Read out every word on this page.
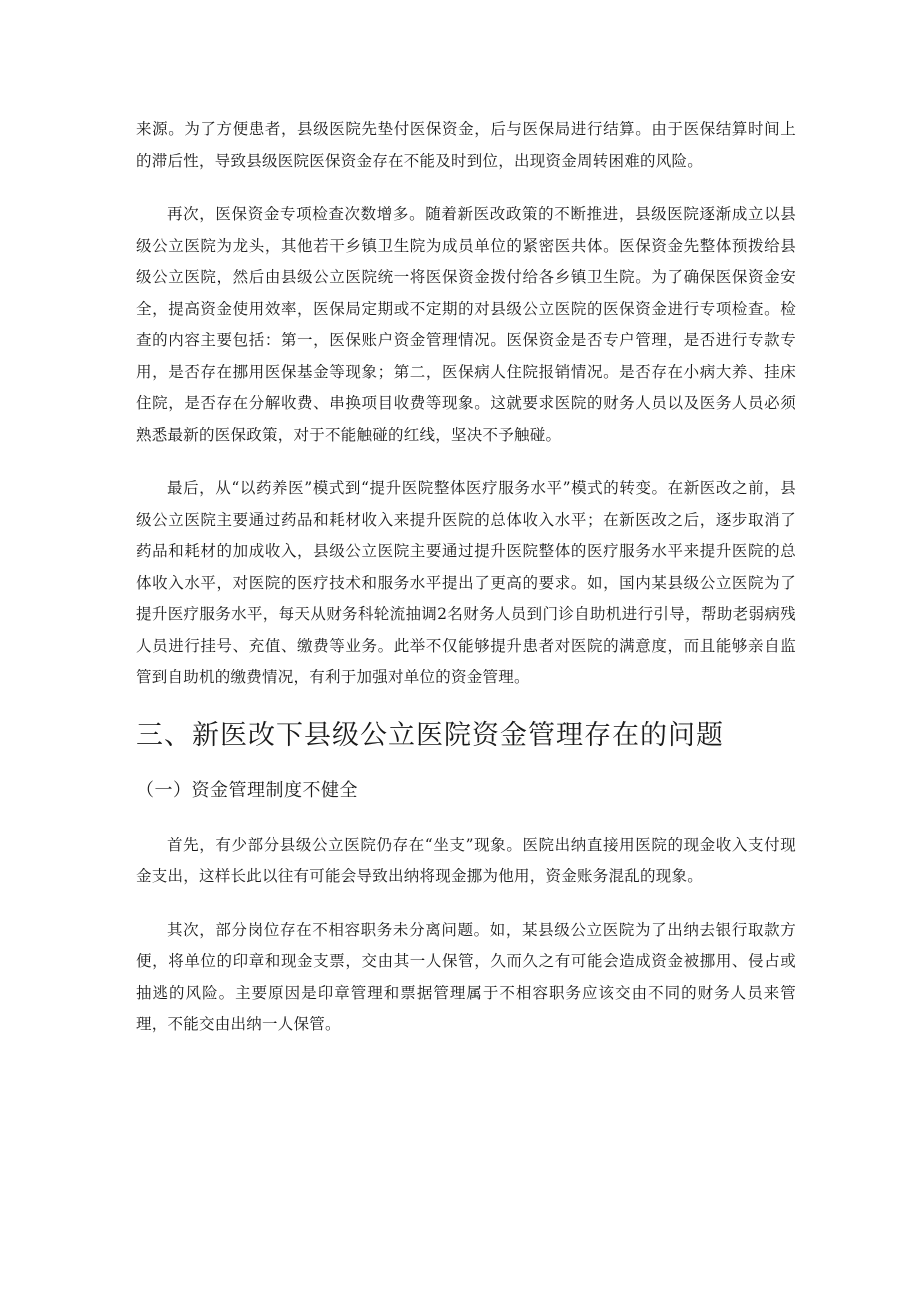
来源。为了方便患者，县级医院先垫付医保资金，后与医保局进行结算。由于医保结算时间上的滞后性，导致县级医院医保资金存在不能及时到位，出现资金周转困难的风险。

再次，医保资金专项检查次数增多。随着新医改政策的不断推进，县级医院逐渐成立以县级公立医院为龙头，其他若干乡镇卫生院为成员单位的紧密医共体。医保资金先整体预拨给县级公立医院，然后由县级公立医院统一将医保资金拨付给各乡镇卫生院。为了确保医保资金安全，提高资金使用效率，医保局定期或不定期的对县级公立医院的医保资金进行专项检查。检查的内容主要包括：第一，医保账户资金管理情况。医保资金是否专户管理，是否进行专款专用，是否存在挪用医保基金等现象；第二，医保病人住院报销情况。是否存在小病大养、挂床住院，是否存在分解收费、串换项目收费等现象。这就要求医院的财务人员以及医务人员必须熟悉最新的医保政策，对于不能触碰的红线，坚决不予触碰。

最后，从“以药养医”模式到“提升医院整体医疗服务水平”模式的转变。在新医改之前，县级公立医院主要通过药品和耗材收入来提升医院的总体收入水平；在新医改之后，逐步取消了药品和耗材的加成收入，县级公立医院主要通过提升医院整体的医疗服务水平来提升医院的总体收入水平，对医院的医疗技术和服务水平提出了更高的要求。如，国内某县级公立医院为了提升医疗服务水平，每天从财务科轮流抽调2名财务人员到门诊自助机进行引导，帮助老弱病残人员进行挂号、充值、缴费等业务。此举不仅能够提升患者对医院的满意度，而且能够亲自监管到自助机的缴费情况，有利于加强对单位的资金管理。

三、新医改下县级公立医院资金管理存在的问题
（一）资金管理制度不健全

首先，有少部分县级公立医院仍存在“坐支”现象。医院出纳直接用医院的现金收入支付现金支出，这样长此以往有可能会导致出纳将现金挪为他用，资金账务混乱的现象。

其次，部分岗位存在不相容职务未分离问题。如，某县级公立医院为了出纳去银行取款方便，将单位的印章和现金支票，交由其一人保管，久而久之有可能会造成资金被挪用、侵占或抽逃的风险。主要原因是印章管理和票据管理属于不相容职务应该交由不同的财务人员来管理，不能交由出纳一人保管。
